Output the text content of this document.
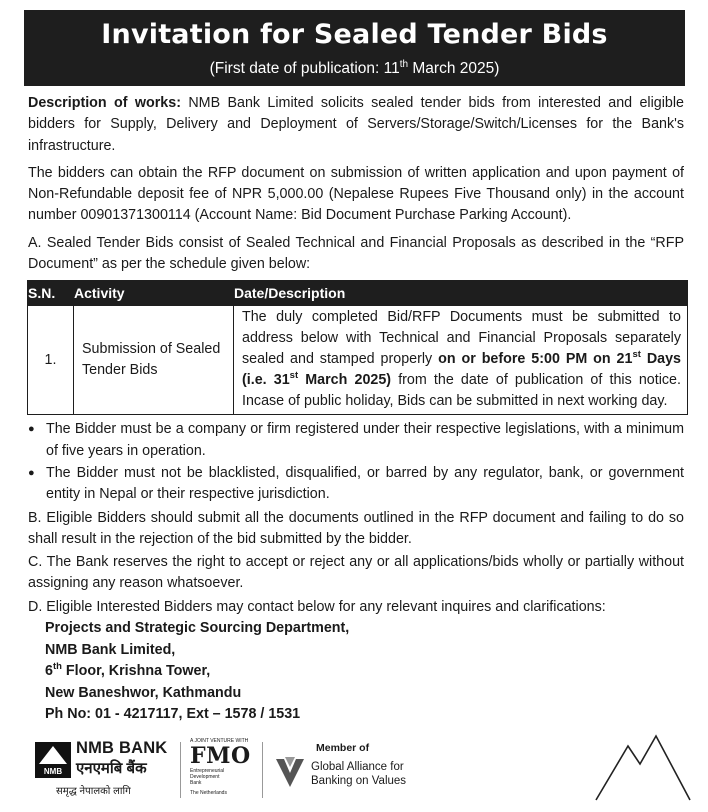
Invitation for Sealed Tender Bids
(First date of publication: 11th March 2025)

Description of works: NMB Bank Limited solicits sealed tender bids from interested and eligible bidders for Supply, Delivery and Deployment of Servers/Storage/Switch/Licenses for the Bank's infrastructure.

The bidders can obtain the RFP document on submission of written application and upon payment of Non-Refundable deposit fee of NPR 5,000.00 (Nepalese Rupees Five Thousand only) in the account number 00901371300114 (Account Name: Bid Document Purchase Parking Account).

A. Sealed Tender Bids consist of Sealed Technical and Financial Proposals as described in the “RFP Document” as per the schedule given below:

S.N.	Activity	Date/Description
1.	Submission of Sealed Tender Bids	The duly completed Bid/RFP Documents must be submitted to address below with Technical and Financial Proposals separately sealed and stamped properly on or before 5:00 PM on 21st Days (i.e. 31st March 2025) from the date of publication of this notice. Incase of public holiday, Bids can be submitted in next working day.
● The Bidder must be a company or firm registered under their respective legislations, with a minimum of five years in operation.
● The Bidder must not be blacklisted, disqualified, or barred by any regulator, bank, or government entity in Nepal or their respective jurisdiction.

B. Eligible Bidders should submit all the documents outlined in the RFP document and failing to do so shall result in the rejection of the bid submitted by the bidder.

C. The Bank reserves the right to accept or reject any or all applications/bids wholly or partially without assigning any reason whatsoever.

D. Eligible Interested Bidders may contact below for any relevant inquires and clarifications:

Projects and Strategic Sourcing Department,
NMB Bank Limited,
6th Floor, Krishna Tower,
New Baneshwor, Kathmandu
Ph No: 01 - 4217117, Ext – 1578 / 1531
NMB
NMB BANK
एनएमबि बैंक
समृद्ध नेपालको लागि
A JOINT VENTURE WITH
FMO
Entrepreneurial
Development
Bank
The Netherlands
Member of
Global Alliance for
Banking on Values
